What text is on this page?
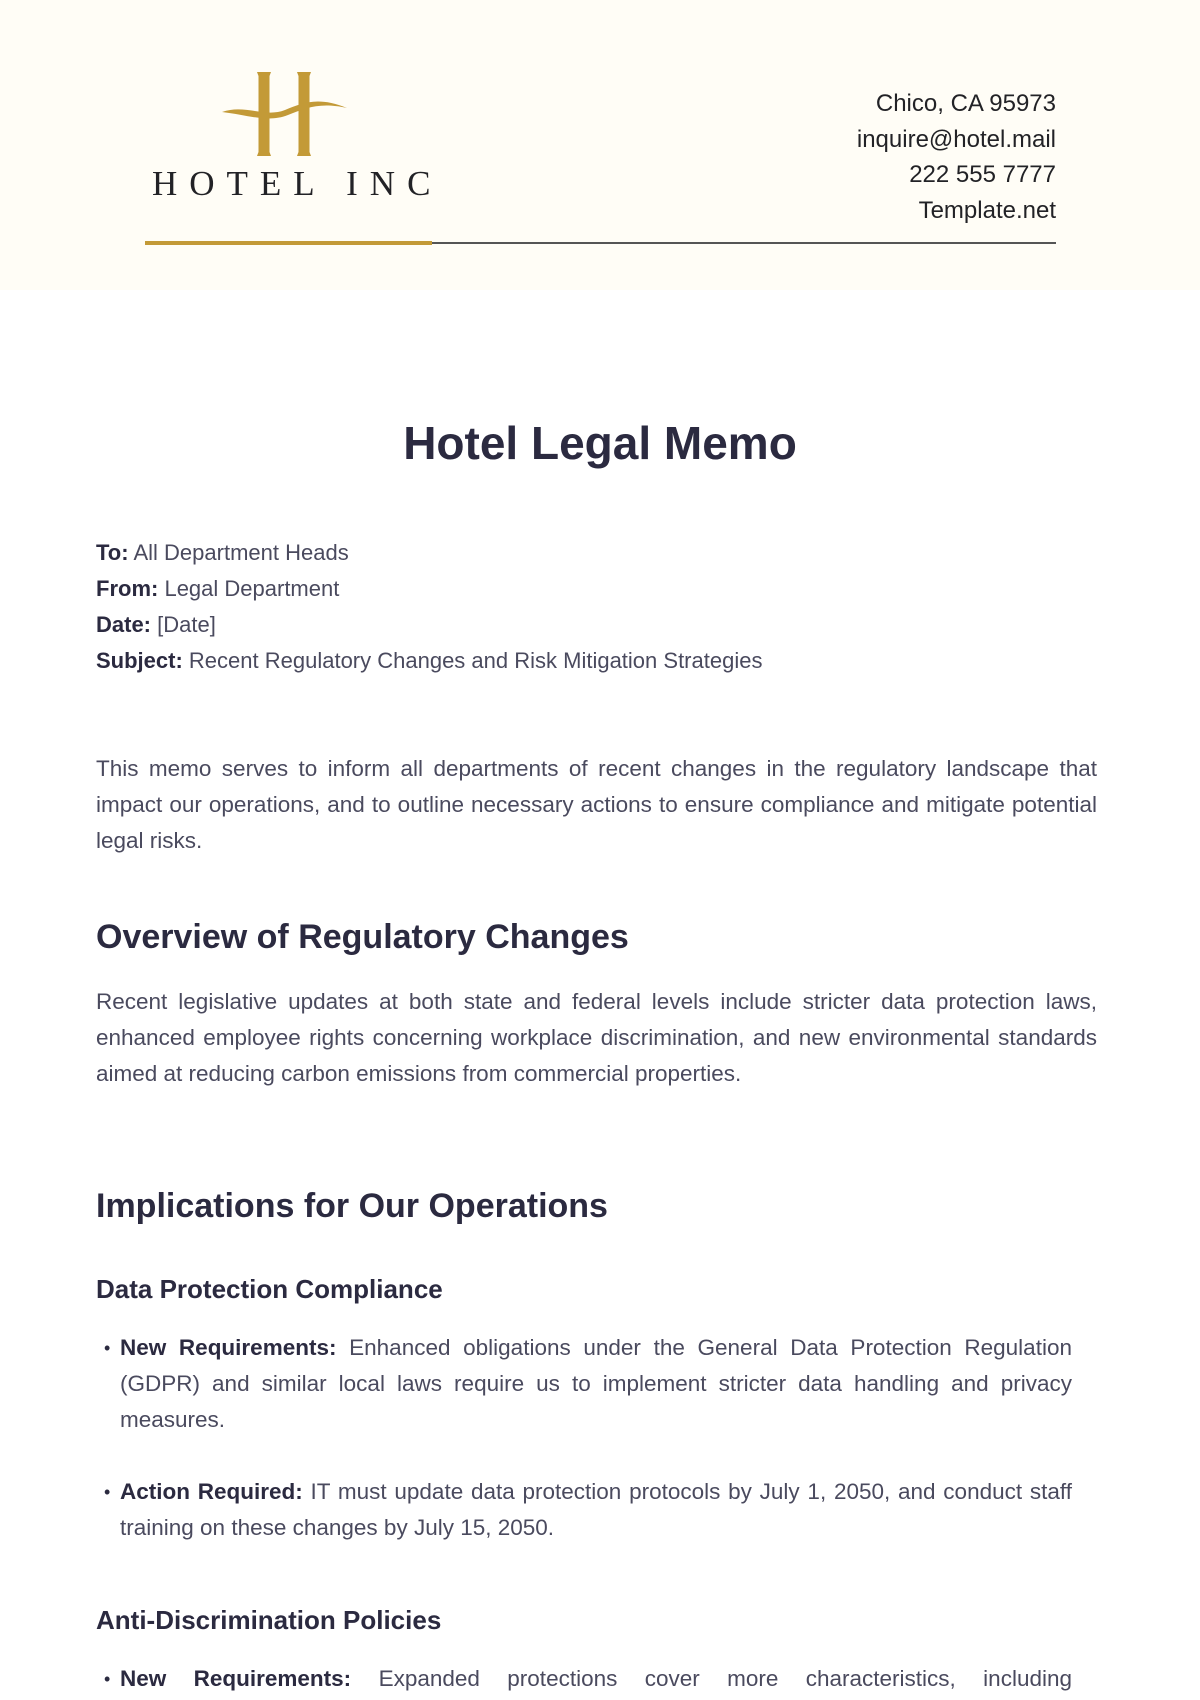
HOTEL INC
Chico, CA 95973
inquire@hotel.mail
222 555 7777
Template.net
Hotel Legal Memo
To: All Department Heads
From: Legal Department
Date: [Date]
Subject: Recent Regulatory Changes and Risk Mitigation Strategies

This memo serves to inform all departments of recent changes in the regulatory landscape that impact our operations, and to outline necessary actions to ensure compliance and mitigate potential legal risks.

Overview of Regulatory Changes

Recent legislative updates at both state and federal levels include stricter data protection laws, enhanced employee rights concerning workplace discrimination, and new environmental standards aimed at reducing carbon emissions from commercial properties.

Implications for Our Operations
Data Protection Compliance
• New Requirements: Enhanced obligations under the General Data Protection Regulation (GDPR) and similar local laws require us to implement stricter data handling and privacy measures.
• Action Required: IT must update data protection protocols by July 1, 2050, and conduct staff training on these changes by July 15, 2050.
Anti-Discrimination Policies
• New Requirements: Expanded protections cover more characteristics, including
